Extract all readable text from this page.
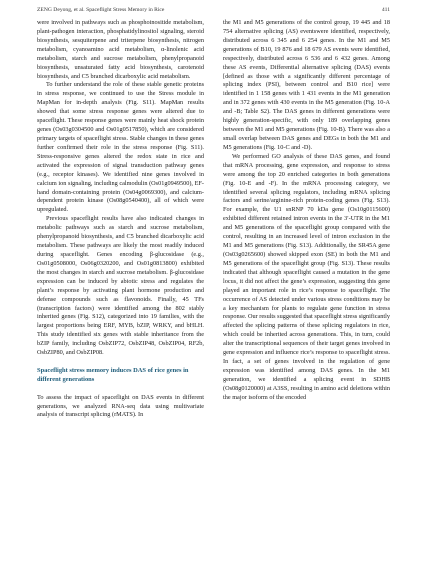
ZENG Deyong, et al. Spaceflight Stress Memory in Rice	411

were involved in pathways such as phosphoinositide metabolism, plant-pathogen interaction, phosphatidylinositol signaling, steroid biosynthesis, sesquiterpene and triterpene biosynthesis, nitrogen metabolism, cyanoamino acid metabolism, α-linolenic acid metabolism, starch and sucrose metabolism, phenylpropanoid biosynthesis, unsaturated fatty acid biosynthesis, carotenoid biosynthesis, and C5 branched dicarboxylic acid metabolism.

To further understand the role of these stable genetic proteins in stress response, we continued to use the Stress module in MapMan for in-depth analysis (Fig. S11). MapMan results showed that some stress response genes were altered due to spaceflight. These response genes were mainly heat shock protein genes (Os03g0304500 and Os01g0517850), which are considered primary targets of spaceflight stress. Stable changes in these genes further confirmed their role in the stress response (Fig. S11). Stress-responsive genes altered the redox state in rice and activated the expression of signal transduction pathway genes (e.g., receptor kinases). We identified nine genes involved in calcium ion signaling, including calmodulin (Os01g0949500), EF-hand domain-containing protein (Os04g0069300), and calcium-dependent protein kinase (Os08g0540400), all of which were upregulated.

Previous spaceflight results have also indicated changes in metabolic pathways such as starch and sucrose metabolism, phenylpropanoid biosynthesis, and C5 branched dicarboxylic acid metabolism. These pathways are likely the most readily induced during spaceflight. Genes encoding β-glucosidase (e.g., Os01g0508000, Os06g0320200, and Os01g0813800) exhibited the most changes in starch and sucrose metabolism. β-glucosidase expression can be induced by abiotic stress and regulates the plant’s response by activating plant hormone production and defense compounds such as flavonoids. Finally, 45 TFs (transcription factors) were identified among the 802 stably inherited genes (Fig. S12), categorized into 19 families, with the largest proportions being ERF, MYB, bZIP, WRKY, and bHLH. This study identified six genes with stable inheritance from the bZIP family, including OsbZIP72, OsbZIP48, OsbZIP04, RF2b, OsbZIP80, and OsbZIP08.

Spaceflight stress memory induces DAS of rice genes in different generations

To assess the impact of spaceflight on DAS events in different generations, we analyzed RNA-seq data using multivariate analysis of transcript splicing (rMATS). In

the M1 and M5 generations of the control group, 19 445 and 18 754 alternative splicing (AS) eventswere identified, respectively, distributed across 6 345 and 6 254 genes. In the M1 and M5 generations of B10, 19 876 and 18 679 AS events were identified, respectively, distributed across 6 536 and 6 432 genes. Among these AS events, Differential alternative splicing (DAS) events [defined as those with a significantly different percentage of splicing index (PSI), between control and B10 rice] were identified in 1 158 genes with 1 431 events in the M1 generation and in 372 genes with 430 events in the M5 generation (Fig. 10-A and -B; Table S2). The DAS genes in different generations were highly generation-specific, with only 189 overlapping genes between the M1 and M5 generations (Fig. 10-B). There was also a small overlap between DAS genes and DEGs in both the M1 and M5 generations (Fig. 10-C and -D).

We performed GO analysis of these DAS genes, and found that mRNA processing, gene expression, and response to stress were among the top 20 enriched categories in both generations (Fig. 10-E and -F). In the mRNA processing category, we identified several splicing regulators, including mRNA splicing factors and serine/arginine-rich protein-coding genes (Fig. S13). For example, the U1 snRNP 70 kDa gene (Os10g0115600) exhibited different retained intron events in the 3′-UTR in the M1 and M5 generations of the spaceflight group compared with the control, resulting in an increased level of intron exclusion in the M1 and M5 generations (Fig. S13). Additionally, the SR45A gene (Os03g0265600) showed skipped exon (SE) in both the M1 and M5 generations of the spaceflight group (Fig. S13). These results indicated that although spaceflight caused a mutation in the gene locus, it did not affect the gene’s expression, suggesting this gene played an important role in rice’s response to spaceflight. The occurrence of AS detected under various stress conditions may be a key mechanism for plants to regulate gene function in stress response. Our results suggested that spaceflight stress significantly affected the splicing patterns of these splicing regulators in rice, which could be inherited across generations. This, in turn, could alter the transcriptional sequences of their target genes involved in gene expression and influence rice’s response to spaceflight stress. In fact, a set of genes involved in the regulation of gene expression was identified among DAS genes. In the M1 generation, we identified a splicing event in SDHB (Os08g0120000) at A3SS, resulting in amino acid deletions within the major isoform of the encoded
